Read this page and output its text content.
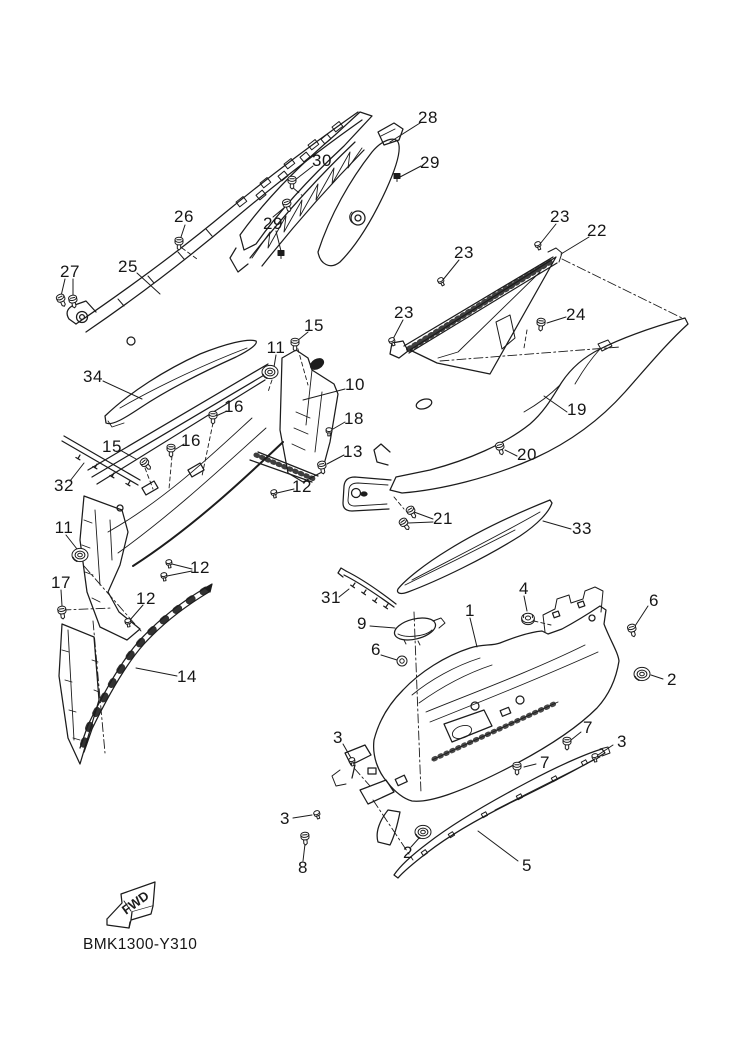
FWD
28
29
30
26	29
25
27
23
22
23
23	24
15
11
34	10
16
18	19
16
15	13	20
32	12
21
11	33
12
17	4
31
12	6
1
9
6
2
14
7
3	3
7
3
2
5
8
BMK1300-Y310
